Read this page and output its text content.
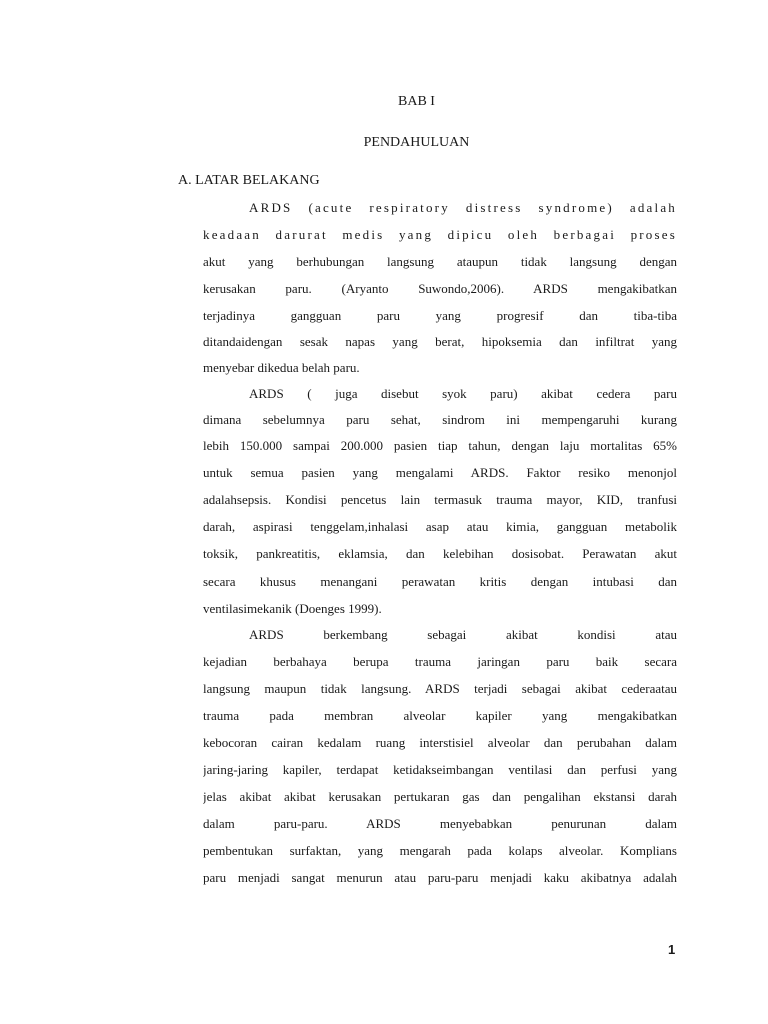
BAB I
PENDAHULUAN
A. LATAR BELAKANG
ARDS (acute respiratory distress syndrome) adalah
keadaan darurat medis yang dipicu oleh berbagai proses
akut yang berhubungan langsung ataupun tidak langsung dengan
kerusakan paru. (Aryanto Suwondo,2006). ARDS mengakibatkan
terjadinya gangguan paru yang progresif dan tiba-tiba
ditandaidengan sesak napas yang berat, hipoksemia dan infiltrat yang
menyebar dikedua belah paru.
ARDS ( juga disebut syok paru) akibat cedera paru
dimana sebelumnya paru sehat, sindrom ini mempengaruhi kurang
lebih 150.000 sampai 200.000 pasien tiap tahun, dengan laju mortalitas 65%
untuk semua pasien yang mengalami ARDS. Faktor resiko menonjol
adalahsepsis. Kondisi pencetus lain termasuk trauma mayor, KID, tranfusi
darah, aspirasi tenggelam,inhalasi asap atau kimia, gangguan metabolik
toksik, pankreatitis, eklamsia, dan kelebihan dosisobat. Perawatan akut
secara khusus menangani perawatan kritis dengan intubasi dan
ventilasimekanik (Doenges 1999).
ARDS berkembang sebagai akibat kondisi atau
kejadian berbahaya berupa trauma jaringan paru baik secara
langsung maupun tidak langsung. ARDS terjadi sebagai akibat cederaatau
trauma pada membran alveolar kapiler yang mengakibatkan
kebocoran cairan kedalam ruang interstisiel alveolar dan perubahan dalam
jaring-jaring kapiler, terdapat ketidakseimbangan ventilasi dan perfusi yang
jelas akibat akibat kerusakan pertukaran gas dan pengalihan ekstansi darah
dalam paru-paru. ARDS menyebabkan penurunan dalam
pembentukan surfaktan, yang mengarah pada kolaps alveolar. Komplians
paru menjadi sangat menurun atau paru-paru menjadi kaku akibatnya adalah
1
